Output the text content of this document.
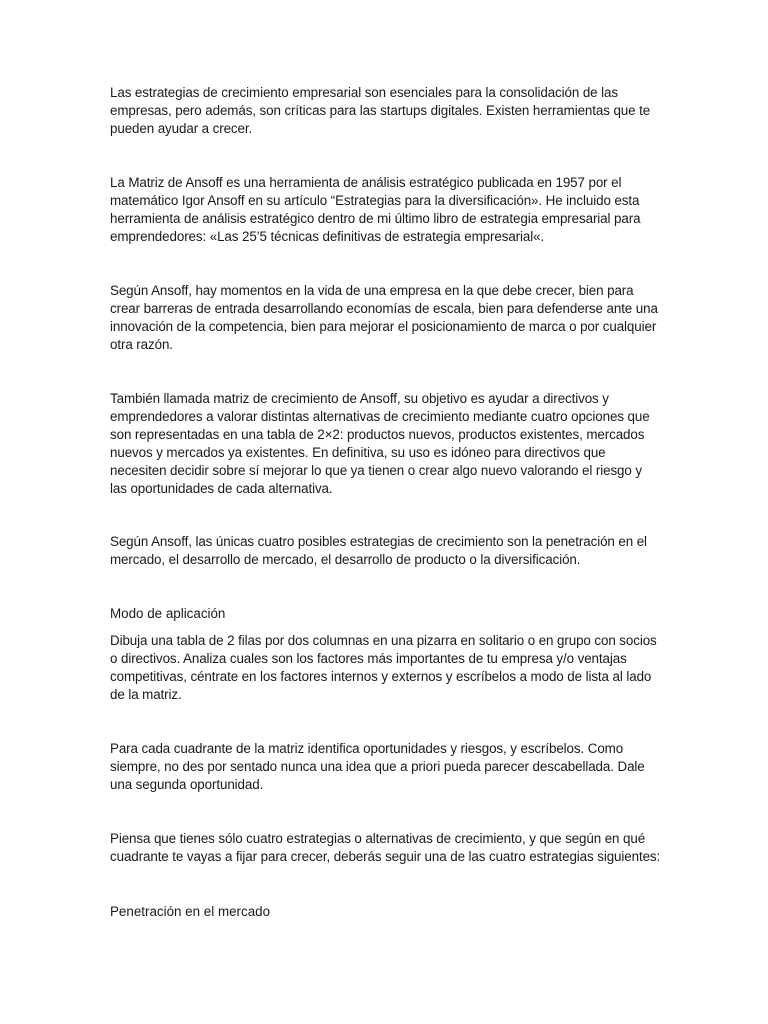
Las estrategias de crecimiento empresarial son esenciales para la consolidación de las empresas, pero además, son críticas para las startups digitales. Existen herramientas que te pueden ayudar a crecer.

La Matriz de Ansoff es una herramienta de análisis estratégico publicada en 1957 por el matemático Igor Ansoff en su artículo “Estrategias para la diversificación». He incluido esta herramienta de análisis estratégico dentro de mi último libro de estrategia empresarial para emprendedores: «Las 25’5 técnicas definitivas de estrategia empresarial«.

Según Ansoff, hay momentos en la vida de una empresa en la que debe crecer, bien para crear barreras de entrada desarrollando economías de escala, bien para defenderse ante una innovación de la competencia, bien para mejorar el posicionamiento de marca o por cualquier otra razón.

También llamada matriz de crecimiento de Ansoff, su objetivo es ayudar a directivos y emprendedores a valorar distintas alternativas de crecimiento mediante cuatro opciones que son representadas en una tabla de 2×2: productos nuevos, productos existentes, mercados nuevos y mercados ya existentes. En definitiva, su uso es idóneo para directivos que necesiten decidir sobre sí mejorar lo que ya tienen o crear algo nuevo valorando el riesgo y las oportunidades de cada alternativa.

Según Ansoff, las únicas cuatro posibles estrategias de crecimiento son la penetración en el mercado, el desarrollo de mercado, el desarrollo de producto o la diversificación.

Modo de aplicación

Dibuja una tabla de 2 filas por dos columnas en una pizarra en solitario o en grupo con socios o directivos. Analiza cuales son los factores más importantes de tu empresa y/o ventajas competitivas, céntrate en los factores internos y externos y escríbelos a modo de lista al lado de la matriz.

Para cada cuadrante de la matriz identifica oportunidades y riesgos, y escríbelos. Como siempre, no des por sentado nunca una idea que a priori pueda parecer descabellada. Dale una segunda oportunidad.

Piensa que tienes sólo cuatro estrategias o alternativas de crecimiento, y que según en qué cuadrante te vayas a fijar para crecer, deberás seguir una de las cuatro estrategias siguientes:

Penetración en el mercado
